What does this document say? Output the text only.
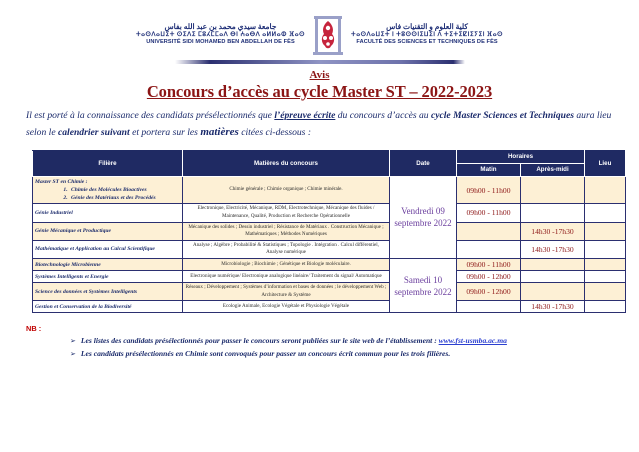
جامعة سيدي محمد بن عبد الله بفاس
ⵜⴰⵙⴷⴰⵡⵉⵜ ⵙⵉⴷⵉ ⵎⵓⵃⵎⵎⴰⴷ ⴱⵏ ⵄⴰⴱⴷ ⴰⵍⵍⴰⵀ ⴼⴰⵙ
UNIVERSITÉ SIDI MOHAMED BEN ABDELLAH DE FÈS
كلية العلوم و التقنيات فاس
ⵜⴰⵙⴷⴰⵡⵉⵜ ⵏ ⵜⵓⵙⵙⵏⵉⵡⵉⵏ ⴷ ⵜⵉⵜⵉⵇⵏⵉⵢⵉⵏ ⴼⴰⵙ
FACULTÉ DES SCIENCES ET TECHNIQUES DE FÈS
Avis
Concours d’accès au cycle Master ST – 2022-2023
Il est porté à la connaissance des candidats présélectionnés que l’épreuve écrite du concours d’accès au cycle Master Sciences et Techniques aura lieu selon le calendrier suivant et portera sur les matières citées ci-dessous :
Filière	Matières du concours	Date	Horaires		Lieu
			Matin	Après-midi	

Master ST en Chimie :
1. Chimie des Molécules Bioactives
2. Génie des Matériaux et des Procédés
	Chimie générale ; Chimie organique ; Chimie minérale.	Vendredi 09 septembre 2022	09h00 - 11h00		

Génie Industriel	Electronique, Electricité, Mécanique, RDM, Electrotechnique, Mécanique des fluides / Maintenance, Qualité, Production et Recherche Opérationnelle		09h00 - 11h00		

Génie Mécanique et Productique	Mécanique des solides ; Dessin industriel ; Résistance de Matériaux . Construction Mécanique ; Mathématiques ; Méthodes Numériques			14h30 -17h30	

Mathématique et Application au Calcul Scientifique	Analyse ; Algèbre ; Probabilité & Statistiques ; Topologie . Intégration . Calcul différentiel, Analyse numérique			14h30 -17h30	

Biotechnologie Microbienne	Microbiologie ; Biochimie ; Génétique et Biologie moléculaire.	Samedi 10 septembre 2022	09h00 - 11h00		

Systèmes Intelligents et Energie	Electronique numérique/ Electronique analogique linéaire/ Traitement du signal/ Automatique		09h00 - 12h00		

Science des données et Systèmes Intelligents	Réseaux ; Développement ; Systèmes d’information et bases de données ; le développement Web ; Architecture & Système		09h00 - 12h00		

Gestion et Conservation de la Biodiversité	Ecologie Animale, Ecologie Végétale et Physiologie Végétale			14h30 -17h30	
NB :
➢ Les listes des candidats présélectionnés pour passer le concours seront publiées sur le site web de l’établissement : www.fst-usmba.ac.ma
➢ Les candidats présélectionnés en Chimie sont convoqués pour passer un concours écrit commun pour les trois filières.
